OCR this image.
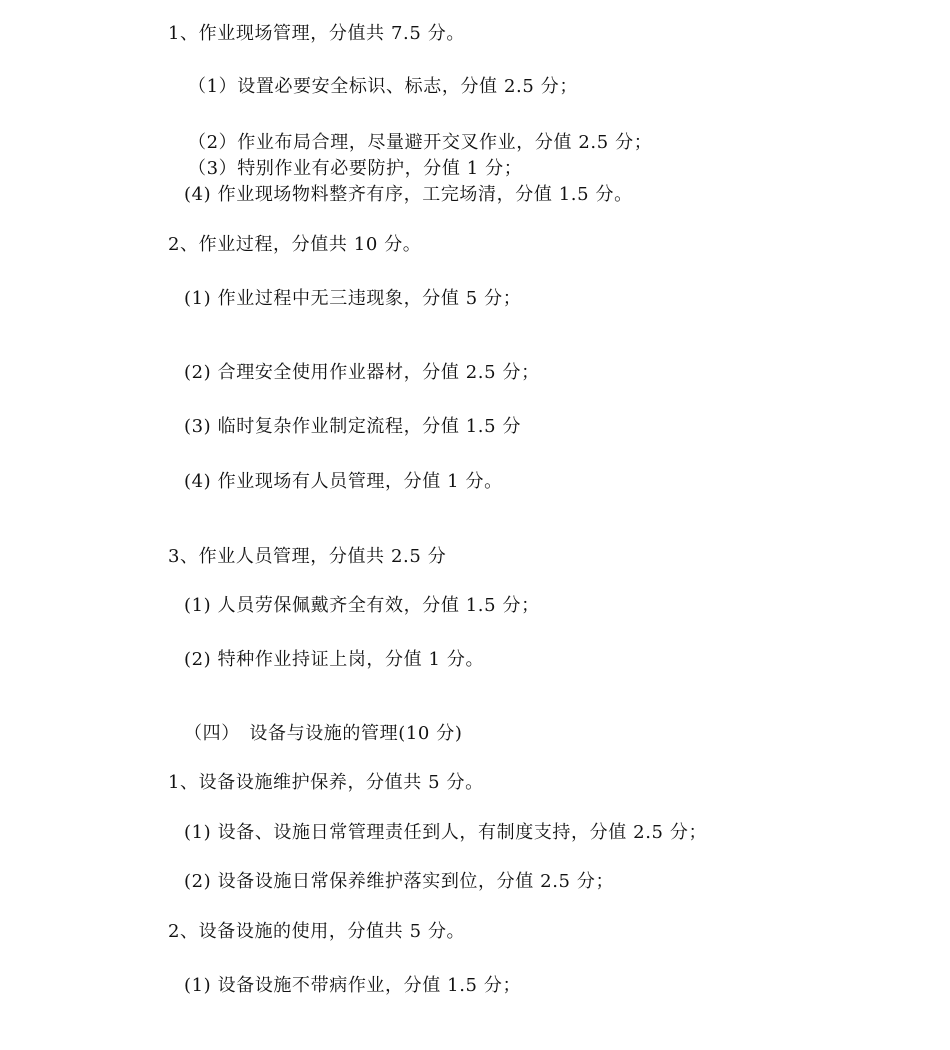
1、作业现场管理，分值共 7.5 分。
（1）设置必要安全标识、标志，分值 2.5 分；
（2）作业布局合理，尽量避开交叉作业，分值 2.5 分；
（3）特别作业有必要防护，分值 1 分；
(4) 作业现场物料整齐有序，工完场清，分值 1.5 分。
2、作业过程，分值共 10 分。
(1) 作业过程中无三违现象，分值 5 分；
(2) 合理安全使用作业器材，分值 2.5 分；
(3) 临时复杂作业制定流程，分值 1.5 分
(4) 作业现场有人员管理，分值 1 分。
3、作业人员管理，分值共 2.5 分
(1) 人员劳保佩戴齐全有效，分值 1.5 分；
(2) 特种作业持证上岗，分值 1 分。
（四）　设备与设施的管理(10 分)
1、设备设施维护保养，分值共 5 分。
(1) 设备、设施日常管理责任到人，有制度支持，分值 2.5 分；
(2) 设备设施日常保养维护落实到位，分值 2.5 分；
2、设备设施的使用，分值共 5 分。
(1) 设备设施不带病作业，分值 1.5 分；
